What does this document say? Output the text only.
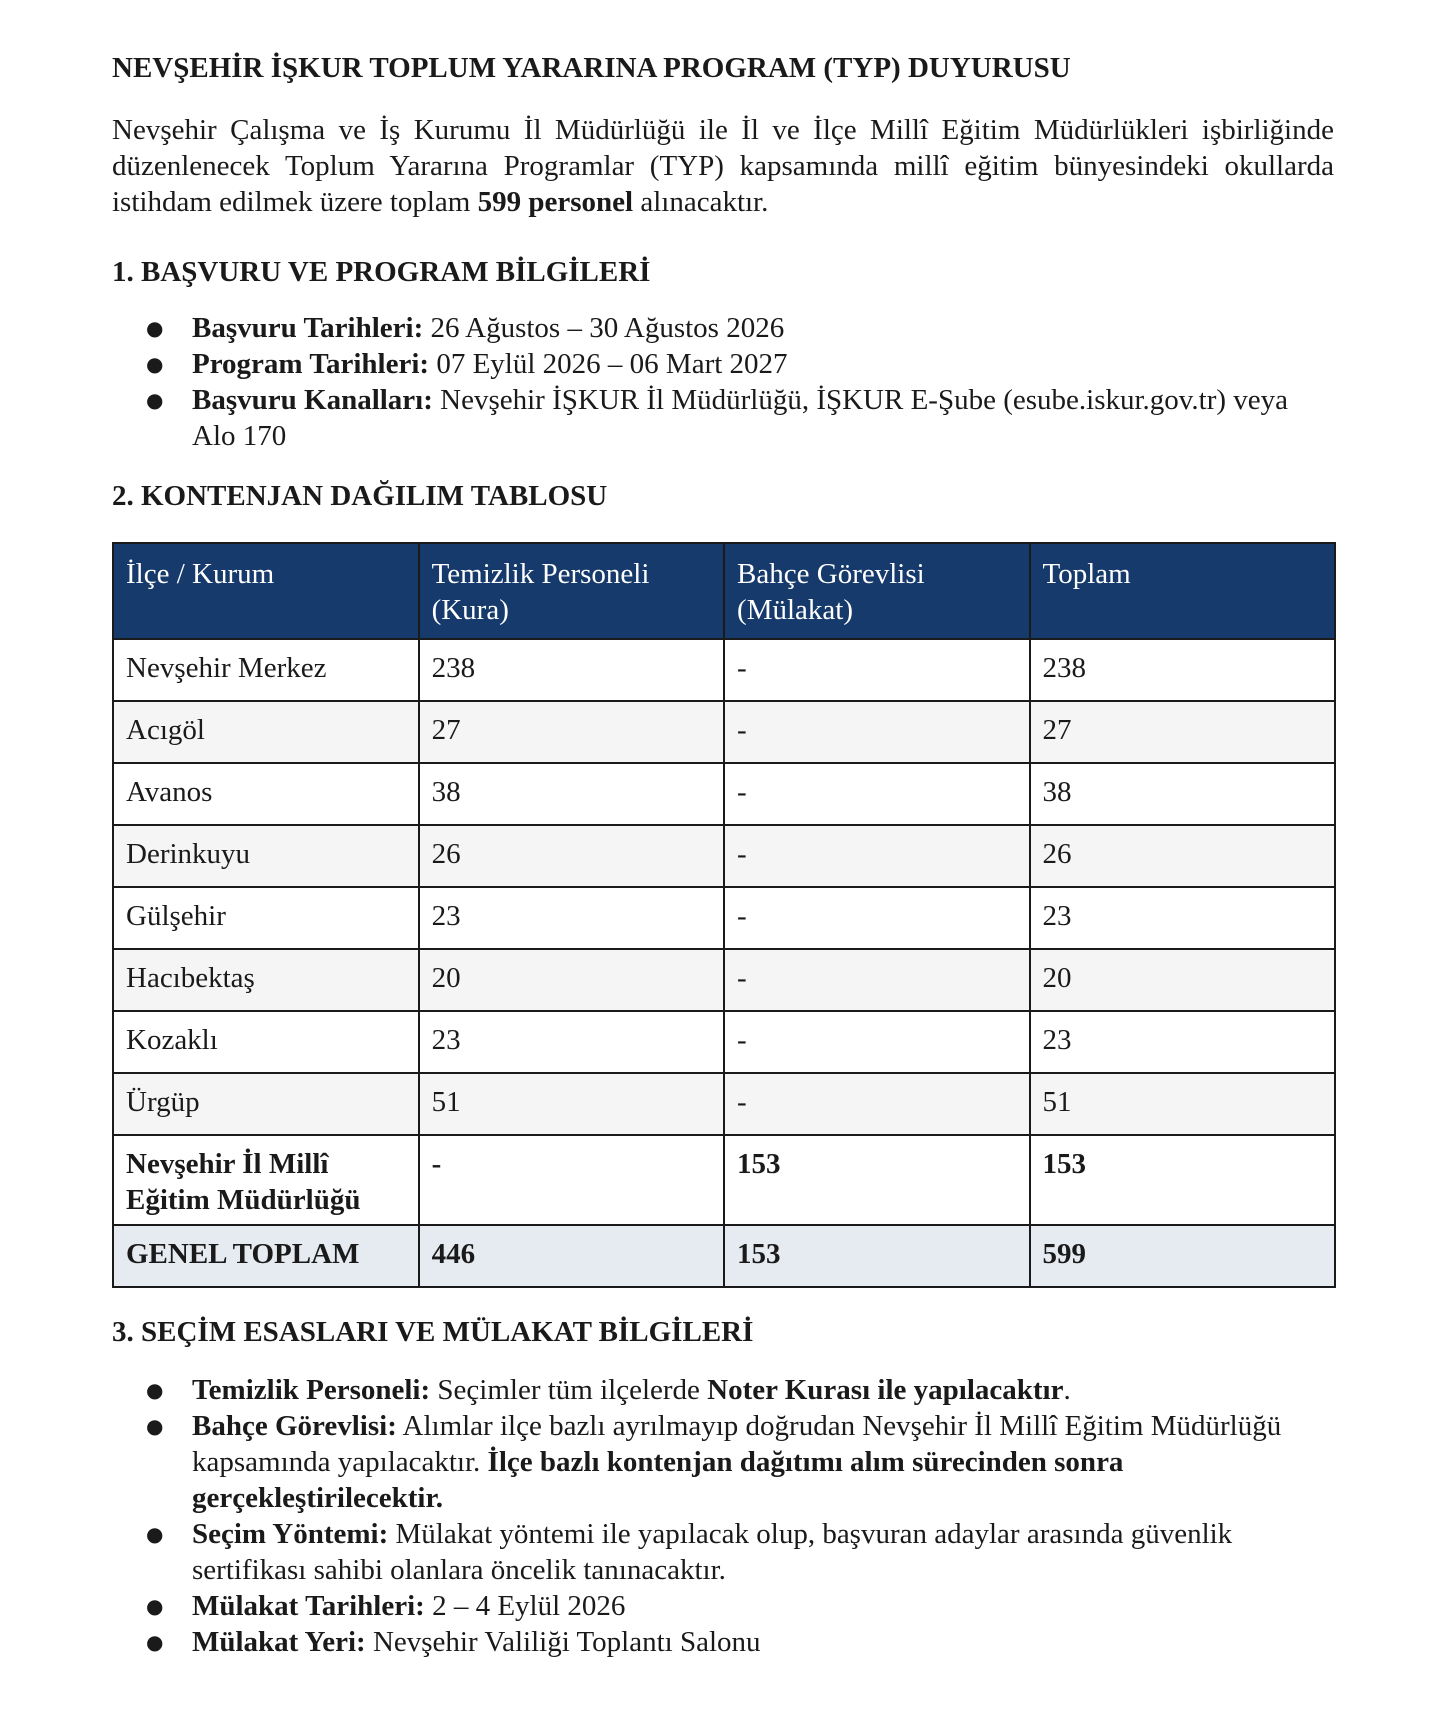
NEVŞEHİR İŞKUR TOPLUM YARARINA PROGRAM (TYP) DUYURUSU

Nevşehir Çalışma ve İş Kurumu İl Müdürlüğü ile İl ve İlçe Millî Eğitim Müdürlükleri işbirliğinde düzenlenecek Toplum Yararına Programlar (TYP) kapsamında millî eğitim bünyesindeki okullarda istihdam edilmek üzere toplam 599 personel alınacaktır.

1. BAŞVURU VE PROGRAM BİLGİLERİ
● Başvuru Tarihleri: 26 Ağustos – 30 Ağustos 2026
● Program Tarihleri: 07 Eylül 2026 – 06 Mart 2027
● Başvuru Kanalları: Nevşehir İŞKUR İl Müdürlüğü, İŞKUR E-Şube (esube.iskur.gov.tr) veya Alo 170
2. KONTENJAN DAĞILIM TABLOSU
İlçe / Kurum	Temizlik Personeli (Kura)	Bahçe Görevlisi (Mülakat)	Toplam
Nevşehir Merkez	238	-	238
Acıgöl	27	-	27
Avanos	38	-	38
Derinkuyu	26	-	26
Gülşehir	23	-	23
Hacıbektaş	20	-	20
Kozaklı	23	-	23
Ürgüp	51	-	51
Nevşehir İl Millî Eğitim Müdürlüğü	-	153	153
GENEL TOPLAM	446	153	599
3. SEÇİM ESASLARI VE MÜLAKAT BİLGİLERİ
● Temizlik Personeli: Seçimler tüm ilçelerde Noter Kurası ile yapılacaktır.
● Bahçe Görevlisi: Alımlar ilçe bazlı ayrılmayıp doğrudan Nevşehir İl Millî Eğitim Müdürlüğü kapsamında yapılacaktır. İlçe bazlı kontenjan dağıtımı alım sürecinden sonra gerçekleştirilecektir.
● Seçim Yöntemi: Mülakat yöntemi ile yapılacak olup, başvuran adaylar arasında güvenlik sertifikası sahibi olanlara öncelik tanınacaktır.
● Mülakat Tarihleri: 2 – 4 Eylül 2026
● Mülakat Yeri: Nevşehir Valiliği Toplantı Salonu
